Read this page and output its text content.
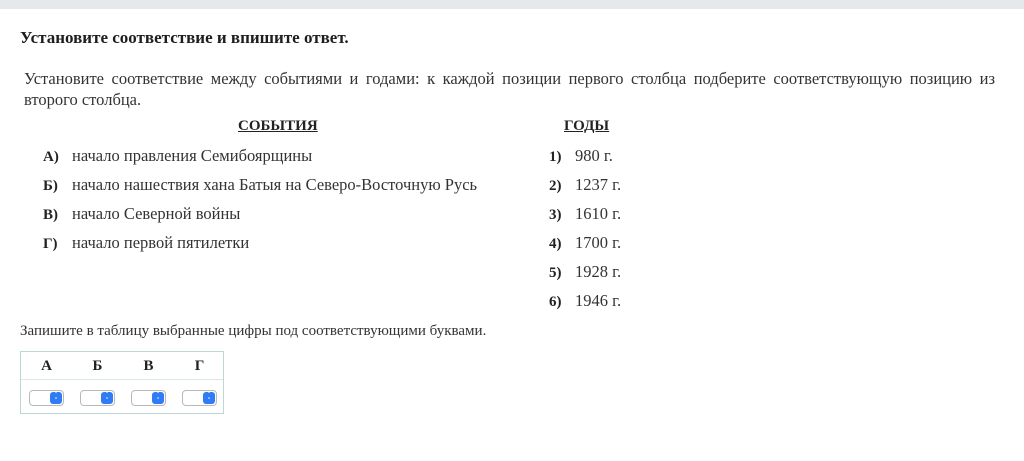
Установите соответствие и впишите ответ.
Установите соответствие между событиями и годами: к каждой позиции первого столбца подберите соответствующую позицию из второго столбца.
СОБЫТИЯ	ГОДЫ
А) начало правления Семибоярщины
Б) начало нашествия хана Батыя на Северо-Восточную Русь
В) начало Северной войны
Г) начало первой пятилетки
1) 980 г.
2) 1237 г.
3) 1610 г.
4) 1700 г.
5) 1928 г.
6) 1946 г.
Запишите в таблицу выбранные цифры под соответствующими буквами.
А
˄
˅
Б
˄
˅
В
˄
˅
Г
˄
˅
